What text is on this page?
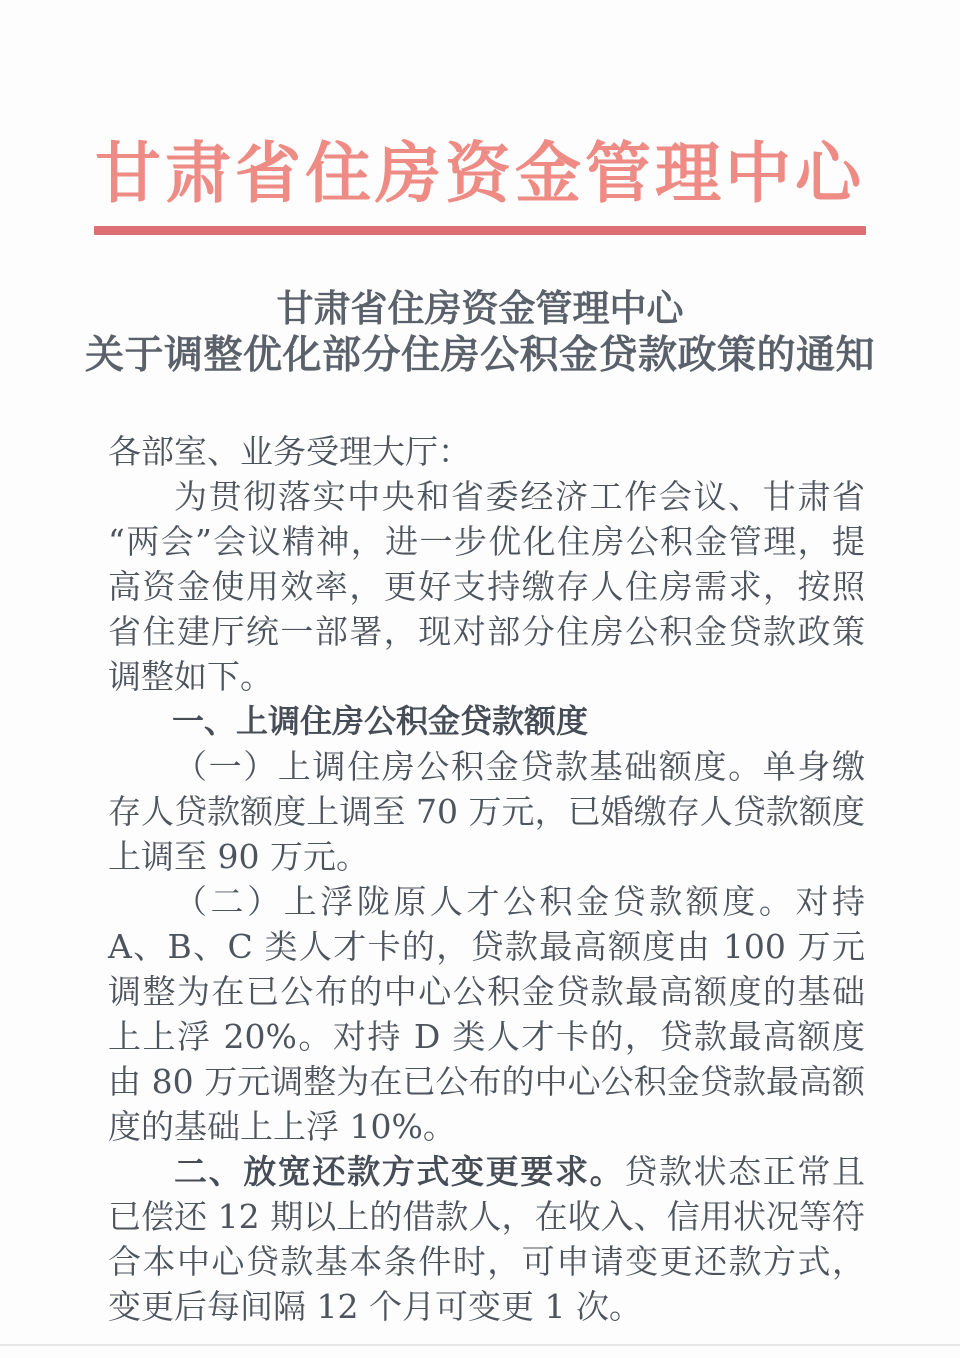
甘肃省住房资金管理中心
甘肃省住房资金管理中心
关于调整优化部分住房公积金贷款政策的通知

各部室、业务受理大厅：

为贯彻落实中央和省委经济工作会议、甘肃省“两会”会议精神，进一步优化住房公积金管理，提高资金使用效率，更好支持缴存人住房需求，按照省住建厅统一部署，现对部分住房公积金贷款政策调整如下。

一、上调住房公积金贷款额度

（一）上调住房公积金贷款基础额度。单身缴存人贷款额度上调至 70 万元，已婚缴存人贷款额度上调至 90 万元。

（二）上浮陇原人才公积金贷款额度。对持 A、B、C 类人才卡的，贷款最高额度由 100 万元调整为在已公布的中心公积金贷款最高额度的基础上上浮 20%。对持 D 类人才卡的，贷款最高额度由 80 万元调整为在已公布的中心公积金贷款最高额度的基础上上浮 10%。

二、放宽还款方式变更要求。贷款状态正常且已偿还 12 期以上的借款人，在收入、信用状况等符合本中心贷款基本条件时，可申请变更还款方式，变更后每间隔 12 个月可变更 1 次。
